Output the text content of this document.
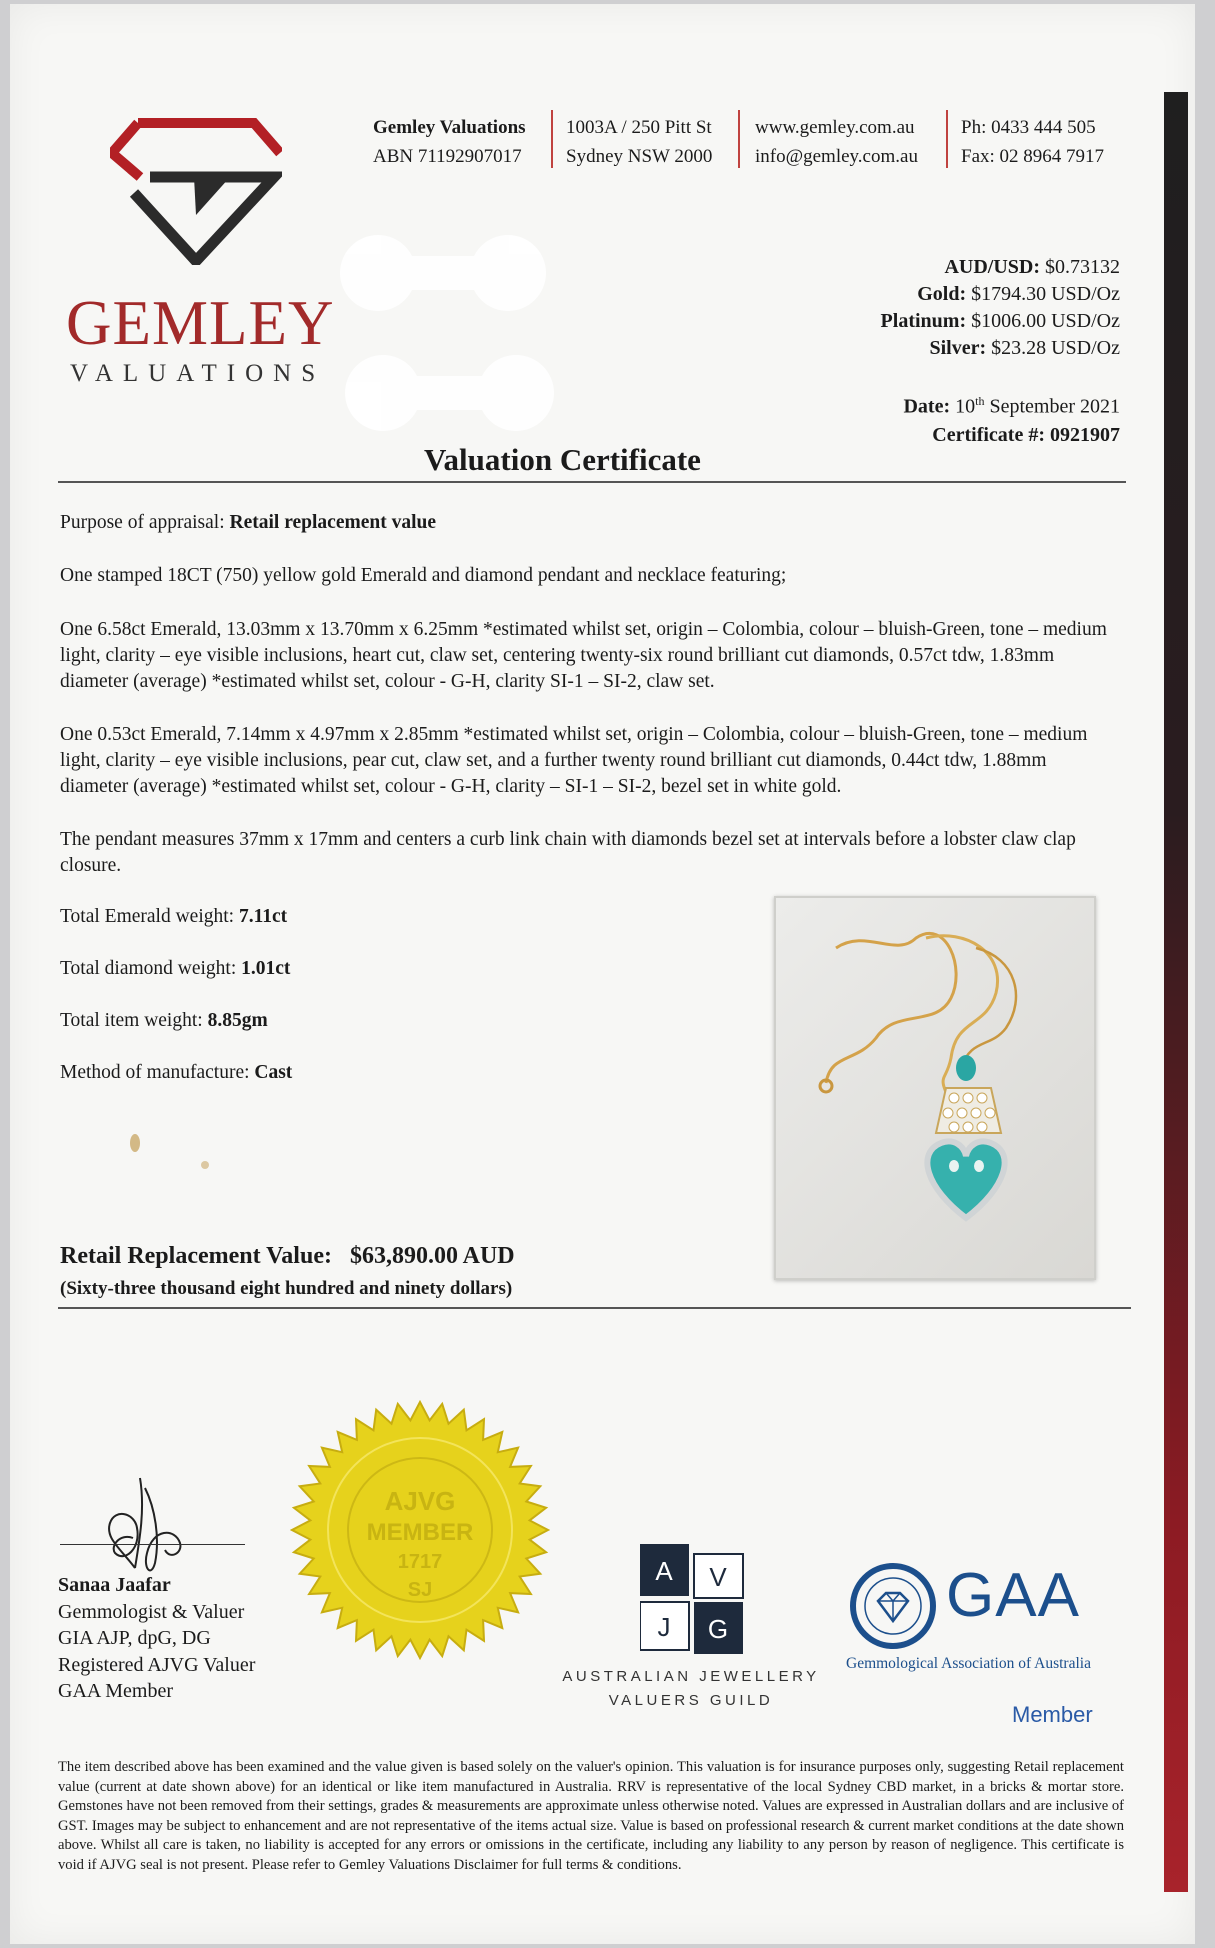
GEMLEY
VALUATIONS
Gemley Valuations
ABN 71192907017
1003A / 250 Pitt St
Sydney NSW 2000
www.gemley.com.au
info@gemley.com.au
Ph: 0433 444 505
Fax: 02 8964 7917
AUD/USD: $0.73132
Gold: $1794.30 USD/Oz
Platinum: $1006.00 USD/Oz
Silver: $23.28 USD/Oz
Date: 10th September 2021
Certificate #: 0921907
Valuation Certificate
Purpose of appraisal: Retail replacement value
One stamped 18CT (750) yellow gold Emerald and diamond pendant and necklace featuring;
One 6.58ct Emerald, 13.03mm x 13.70mm x 6.25mm *estimated whilst set, origin – Colombia, colour – bluish-Green, tone – medium light, clarity – eye visible inclusions, heart cut, claw set, centering twenty-six round brilliant cut diamonds, 0.57ct tdw, 1.83mm diameter (average) *estimated whilst set, colour - G-H, clarity SI-1 – SI-2, claw set.
One 0.53ct Emerald, 7.14mm x 4.97mm x 2.85mm *estimated whilst set, origin – Colombia, colour – bluish-Green, tone – medium light, clarity – eye visible inclusions, pear cut, claw set, and a further twenty round brilliant cut diamonds, 0.44ct tdw, 1.88mm diameter (average) *estimated whilst set, colour - G-H, clarity – SI-1 – SI-2, bezel set in white gold.
The pendant measures 37mm x 17mm and centers a curb link chain with diamonds bezel set at intervals before a lobster claw clap closure.
Total Emerald weight: 7.11ct
Total diamond weight: 1.01ct
Total item weight: 8.85gm
Method of manufacture: Cast
Retail Replacement Value: $63,890.00 AUD
(Sixty-three thousand eight hundred and ninety dollars)
Sanaa Jaafar
Gemmologist & Valuer
GIA AJP, dpG, DG
Registered AJVG Valuer
GAA Member
AJVG
MEMBER
1717
SJ
A V
J G
AUSTRALIAN JEWELLERY
VALUERS GUILD
GAA
Gemmological Association of Australia
Member
The item described above has been examined and the value given is based solely on the valuer's opinion. This valuation is for insurance purposes only, suggesting Retail replacement value (current at date shown above) for an identical or like item manufactured in Australia. RRV is representative of the local Sydney CBD market, in a bricks & mortar store. Gemstones have not been removed from their settings, grades & measurements are approximate unless otherwise noted. Values are expressed in Australian dollars and are inclusive of GST. Images may be subject to enhancement and are not representative of the items actual size. Value is based on professional research & current market conditions at the date shown above. Whilst all care is taken, no liability is accepted for any errors or omissions in the certificate, including any liability to any person by reason of negligence. This certificate is void if AJVG seal is not present. Please refer to Gemley Valuations Disclaimer for full terms & conditions.
